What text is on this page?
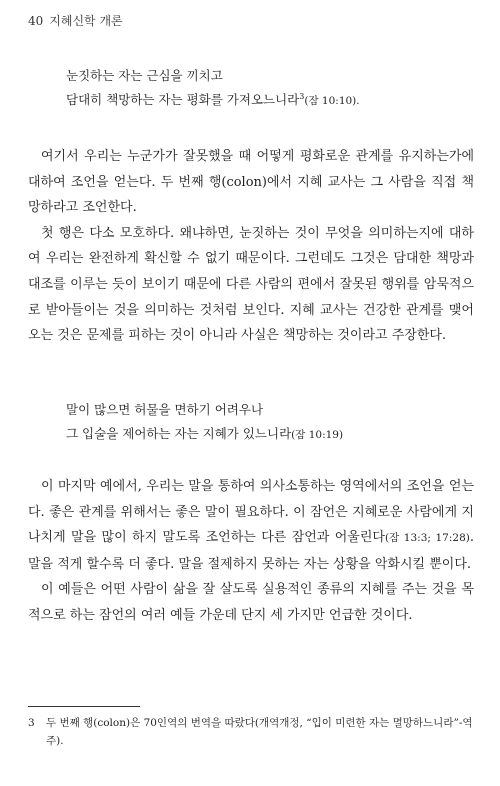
40 지혜신학 개론
눈짓하는 자는 근심을 끼치고
담대히 책망하는 자는 평화를 가져오느니라$^3$(잠 10:10).

여기서 우리는 누군가가 잘못했을 때 어떻게 평화로운 관계를 유지하는가에 대하여 조언을 얻는다. 두 번째 행(colon)에서 지혜 교사는 그 사람을 직접 책망하라고 조언한다.

첫 행은 다소 모호하다. 왜냐하면, 눈짓하는 것이 무엇을 의미하는지에 대하여 우리는 완전하게 확신할 수 없기 때문이다. 그런데도 그것은 담대한 책망과 대조를 이루는 듯이 보이기 때문에 다른 사람의 편에서 잘못된 행위를 암묵적으로 받아들이는 것을 의미하는 것처럼 보인다. 지혜 교사는 건강한 관계를 맺어오는 것은 문제를 피하는 것이 아니라 사실은 책망하는 것이라고 주장한다.

말이 많으면 허물을 면하기 어려우나
그 입술을 제어하는 자는 지혜가 있느니라(잠 10:19)

이 마지막 예에서, 우리는 말을 통하여 의사소통하는 영역에서의 조언을 얻는다. 좋은 관계를 위해서는 좋은 말이 필요하다. 이 잠언은 지혜로운 사람에게 지나치게 말을 많이 하지 말도록 조언하는 다른 잠언과 어울린다(잠 13:3; 17:28). 말을 적게 할수록 더 좋다. 말을 절제하지 못하는 자는 상황을 악화시킬 뿐이다.

이 예들은 어떤 사람이 삶을 잘 살도록 실용적인 종류의 지혜를 주는 것을 목적으로 하는 잠언의 여러 예들 가운데 단지 세 가지만 언급한 것이다.

3	두 번째 행(colon)은 70인역의 번역을 따랐다(개역개정, “입이 미련한 자는 멸망하느니라”-역주).
